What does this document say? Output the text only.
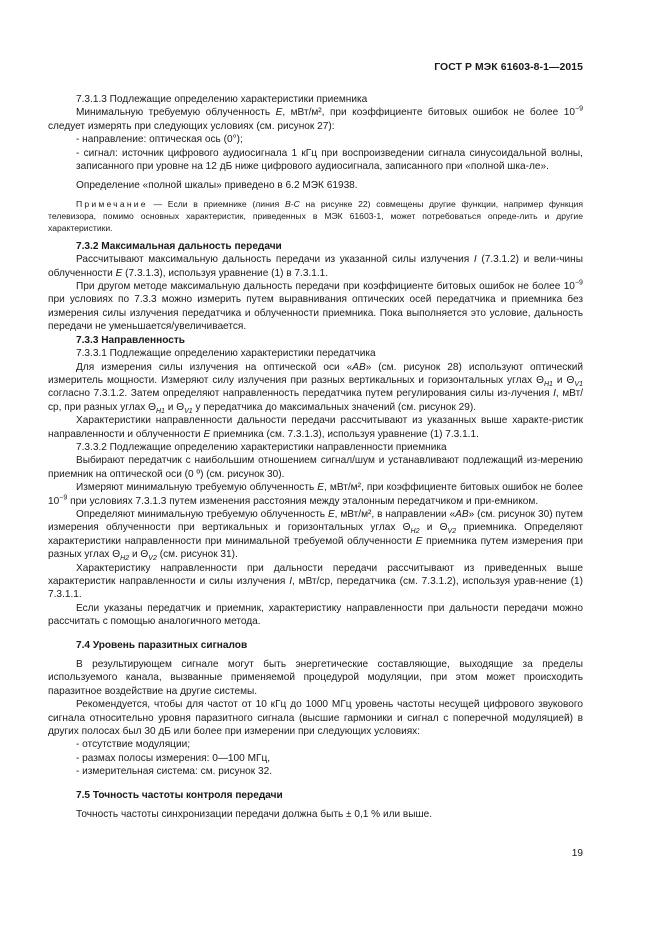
ГОСТ Р МЭК 61603-8-1—2015

7.3.1.3 Подлежащие определению характеристики приемника

Минимальную требуемую облученность E, мВт/м², при коэффициенте битовых ошибок не более $10^{-9}$ следует измерять при следующих условиях (см. рисунок 27):

- направление: оптическая ось (0°);

- сигнал: источник цифрового аудиосигнала 1 кГц при воспроизведении сигнала синусоидальной волны, записанного при уровне на 12 дБ ниже цифрового аудиосигнала, записанного при «полной шка-ле».

Определение «полной шкалы» приведено в 6.2 МЭК 61938.

Примечание — Если в приемнике (линия B-C на рисунке 22) совмещены другие функции, например функция телевизора, помимо основных характеристик, приведенных в МЭК 61603-1, может потребоваться опреде-лить и другие характеристики.

7.3.2 Максимальная дальность передачи

Рассчитывают максимальную дальность передачи из указанной силы излучения I (7.3.1.2) и вели-чины облученности E (7.3.1.3), используя уравнение (1) в 7.3.1.1.

При другом методе максимальную дальность передачи при коэффициенте битовых ошибок не более $10^{-9}$ при условиях по 7.3.3 можно измерить путем выравнивания оптических осей передатчика и приемника без измерения силы излучения передатчика и облученности приемника. Пока выполняется это условие, дальность передачи не уменьшается/увеличивается.

7.3.3 Направленность

7.3.3.1 Подлежащие определению характеристики передатчика

Для измерения силы излучения на оптической оси «AB» (см. рисунок 28) используют оптический измеритель мощности. Измеряют силу излучения при разных вертикальных и горизонтальных углах $\Theta_{H1}$ и $\Theta_{V1}$ согласно 7.3.1.2. Затем определяют направленность передатчика путем регулирования силы из-лучения I, мВт/ср, при разных углах $\Theta_{H1}$ и $\Theta_{V1}$ у передатчика до максимальных значений (см. рисунок 29).

Характеристики направленности дальности передачи рассчитывают из указанных выше характе-ристик направленности и облученности E приемника (см. 7.3.1.3), используя уравнение (1) 7.3.1.1.

7.3.3.2 Подлежащие определению характеристики направленности приемника

Выбирают передатчик с наибольшим отношением сигнал/шум и устанавливают подлежащий из-мерению приемник на оптической оси (0 º) (см. рисунок 30).

Измеряют минимальную требуемую облученность E, мВт/м², при коэффициенте битовых ошибок не более $10^{-9}$ при условиях 7.3.1.3 путем изменения расстояния между эталонным передатчиком и при-емником.

Определяют минимальную требуемую облученность E, мВт/м², в направлении «AB» (см. рисунок 30) путем измерения облученности при вертикальных и горизонтальных углах $\Theta_{H2}$ и $\Theta_{V2}$ приемника. Определяют характеристики направленности при минимальной требуемой облученности E приемника путем измерения при разных углах $\Theta_{H2}$ и $\Theta_{V2}$ (см. рисунок 31).

Характеристику направленности при дальности передачи рассчитывают из приведенных выше характеристик направленности и силы излучения I, мВт/ср, передатчика (см. 7.3.1.2), используя урав-нение (1) 7.3.1.1.

Если указаны передатчик и приемник, характеристику направленности при дальности передачи можно рассчитать с помощью аналогичного метода.

7.4 Уровень паразитных сигналов

В результирующем сигнале могут быть энергетические составляющие, выходящие за пределы используемого канала, вызванные применяемой процедурой модуляции, при этом может происходить паразитное воздействие на другие системы.

Рекомендуется, чтобы для частот от 10 кГц до 1000 МГц уровень частоты несущей цифрового звукового сигнала относительно уровня паразитного сигнала (высшие гармоники и сигнал с поперечной модуляцией) в других полосах был 30 дБ или более при измерении при следующих условиях:

- отсутствие модуляции;

- размах полосы измерения: 0—100 МГц,

- измерительная система: см. рисунок 32.

7.5 Точность частоты контроля передачи

Точность частоты синхронизации передачи должна быть ± 0,1 % или выше.

19
